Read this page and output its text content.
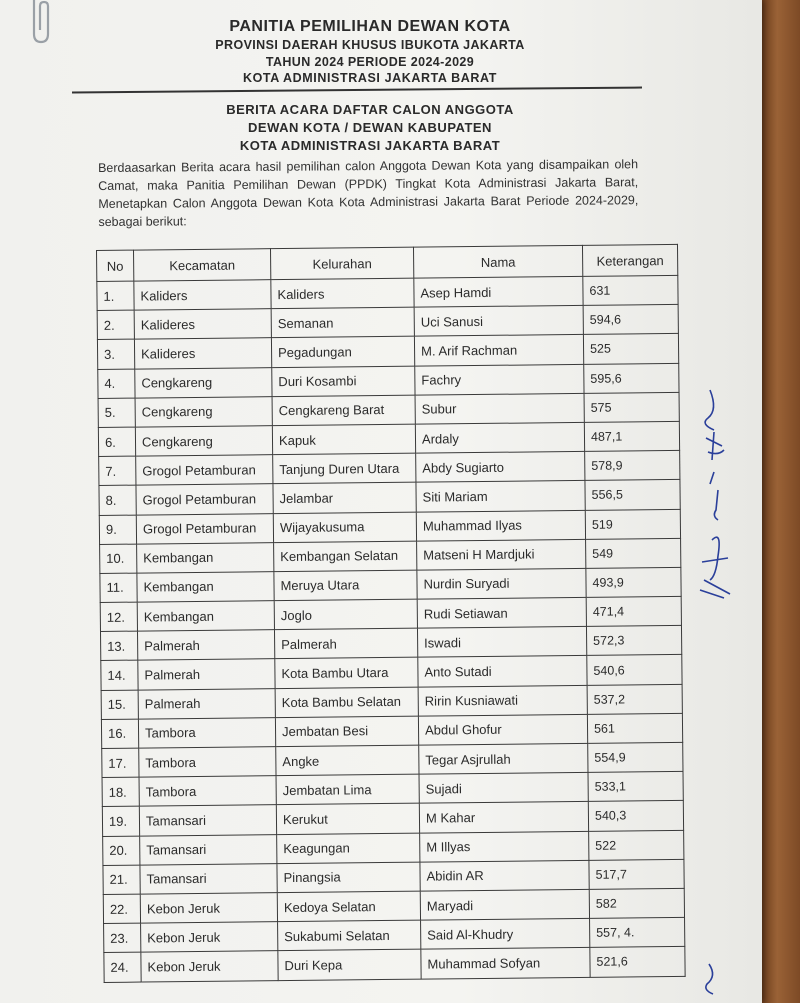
PANITIA PEMILIHAN DEWAN KOTA
PROVINSI DAERAH KHUSUS IBUKOTA JAKARTA
TAHUN 2024 PERIODE 2024-2029
KOTA ADMINISTRASI JAKARTA BARAT
BERITA ACARA DAFTAR CALON ANGGOTA
DEWAN KOTA / DEWAN KABUPATEN
KOTA ADMINISTRASI JAKARTA BARAT
Berdaasarkan Berita acara hasil pemilihan calon Anggota Dewan Kota yang disampaikan oleh Camat, maka Panitia Pemilihan Dewan (PPDK) Tingkat Kota Administrasi Jakarta Barat, Menetapkan Calon Anggota Dewan Kota Kota Administrasi Jakarta Barat Periode 2024-2029, sebagai berikut:
No	Kecamatan	Kelurahan	Nama	Keterangan
1.	Kaliders	Kaliders	Asep Hamdi	631
2.	Kalideres	Semanan	Uci Sanusi	594,6
3.	Kalideres	Pegadungan	M. Arif Rachman	525
4.	Cengkareng	Duri Kosambi	Fachry	595,6
5.	Cengkareng	Cengkareng Barat	Subur	575
6.	Cengkareng	Kapuk	Ardaly	487,1
7.	Grogol Petamburan	Tanjung Duren Utara	Abdy Sugiarto	578,9
8.	Grogol Petamburan	Jelambar	Siti Mariam	556,5
9.	Grogol Petamburan	Wijayakusuma	Muhammad Ilyas	519
10.	Kembangan	Kembangan Selatan	Matseni H Mardjuki	549
11.	Kembangan	Meruya Utara	Nurdin Suryadi	493,9
12.	Kembangan	Joglo	Rudi Setiawan	471,4
13.	Palmerah	Palmerah	Iswadi	572,3
14.	Palmerah	Kota Bambu Utara	Anto Sutadi	540,6
15.	Palmerah	Kota Bambu Selatan	Ririn Kusniawati	537,2
16.	Tambora	Jembatan Besi	Abdul Ghofur	561
17.	Tambora	Angke	Tegar Asjrullah	554,9
18.	Tambora	Jembatan Lima	Sujadi	533,1
19.	Tamansari	Kerukut	M Kahar	540,3
20.	Tamansari	Keagungan	M Illyas	522
21.	Tamansari	Pinangsia	Abidin AR	517,7
22.	Kebon Jeruk	Kedoya Selatan	Maryadi	582
23.	Kebon Jeruk	Sukabumi Selatan	Said Al-Khudry	557, 4.
24.	Kebon Jeruk	Duri Kepa	Muhammad Sofyan	521,6
